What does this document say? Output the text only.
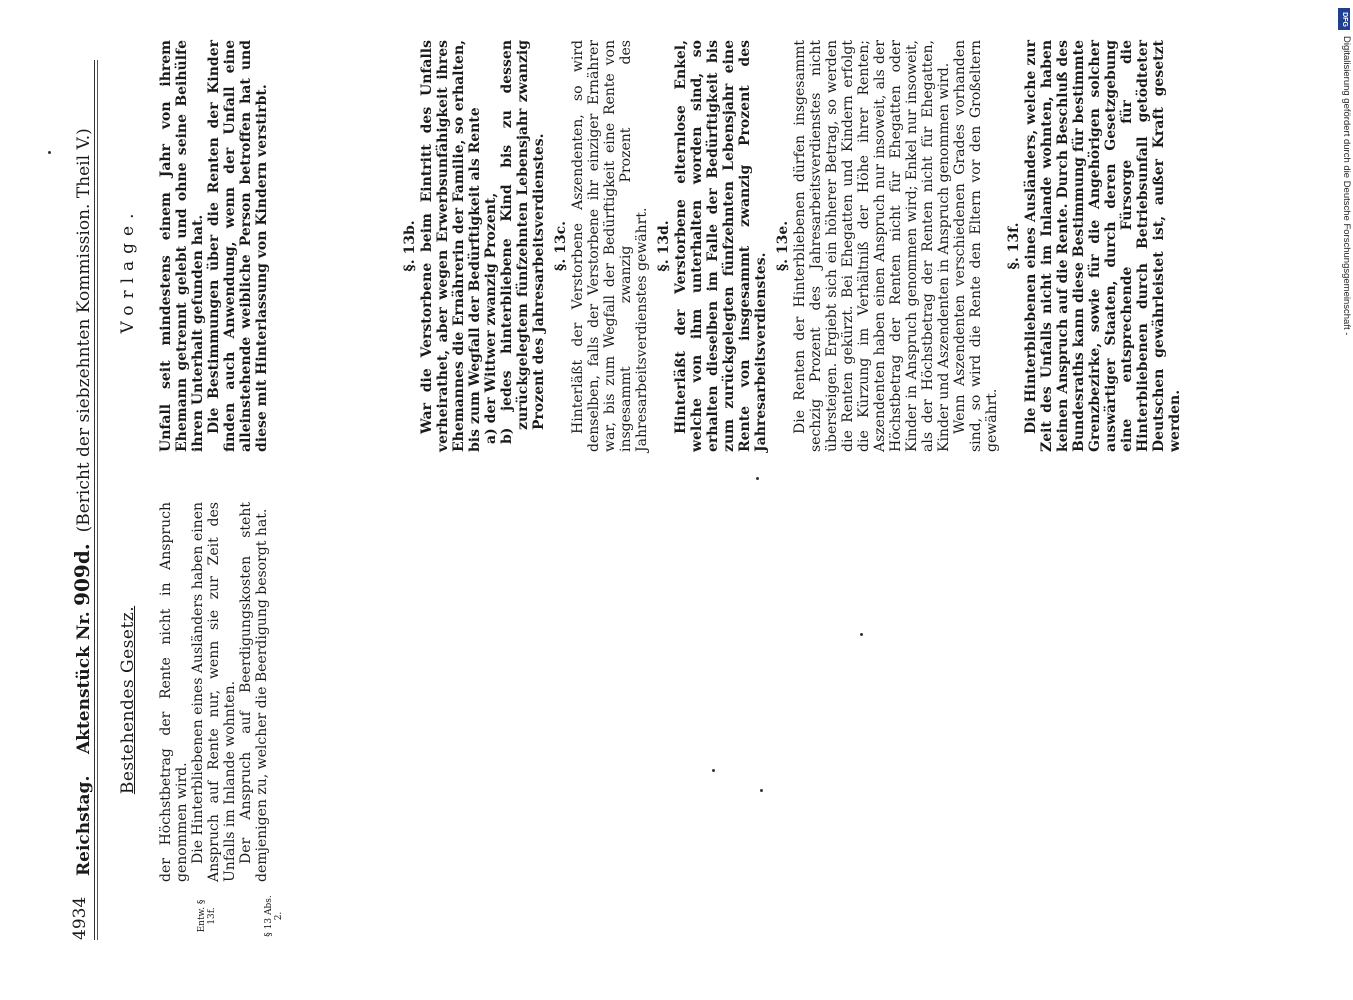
4934
Reichstag.    Aktenstück Nr. 909d.  (Bericht der siebzehnten Kommission. Theil V.)
Bestehendes Gesetz.
Vorlage.
Entw. § 13f.	§ 13 Abs. 2.

der Höchstbetrag der Rente nicht in Anspruch genommen wird. Die Hinterbliebenen eines Ausländers haben einen Anspruch auf Rente nur, wenn sie zur Zeit des Unfalls im Inlande wohnten. Der Anspruch auf Beerdigungskosten steht demjenigen zu, welcher die Beerdigung besorgt hat.

Unfall seit mindestens einem Jahr von ihrem Ehemann getrennt gelebt und ohne seine Beihülfe ihren Unterhalt gefunden hat. Die Bestimmungen über die Renten der Kinder finden auch Anwendung, wenn der Unfall eine alleinstehende weibliche Person betroffen hat und diese mit Hinterlassung von Kindern verstirbt.	§. 13b. War die Verstorbene beim Eintritt des Unfalls verheirathet, aber wegen Erwerbsunfähigkeit ihres Ehemannes die Ernährerin der Familie, so erhalten, bis zum Wegfall der Bedürftigkeit als Rente a) der Wittwer zwanzig Prozent, b) jedes hinterbliebene Kind bis zu dessen zurückgelegtem fünfzehnten Lebensjahr zwanzig Prozent des Jahresarbeitsverdienstes. §. 13c. Hinterläßt der Verstorbene Aszendenten, so wird denselben, falls der Verstorbene ihr einziger Ernährer war, bis zum Wegfall der Bedürftigkeit eine Rente von insgesammt zwanzig Prozent des Jahresarbeitsverdienstes gewährt. §. 13d. Hinterläßt der Verstorbene elternlose Enkel, welche von ihm unterhalten worden sind, so erhalten dieselben im Falle der Bedürftigkeit bis zum zurückgelegten fünfzehnten Lebensjahr eine Rente von insgesammt zwanzig Prozent des Jahresarbeitsverdienstes.

§. 13e. Die Renten der Hinterbliebenen dürfen insgesammt sechzig Prozent des Jahresarbeitsverdienstes nicht übersteigen. Ergiebt sich ein höherer Betrag, so werden die Renten gekürzt. Bei Ehegatten und Kindern erfolgt die Kürzung im Verhältniß der Höhe ihrer Renten; Aszendenten haben einen Anspruch nur insoweit, als der Höchstbetrag der Renten nicht für Ehegatten oder Kinder in Anspruch genommen wird; Enkel nur insoweit, als der Höchstbetrag der Renten nicht für Ehegatten, Kinder und Aszendenten in Anspruch genommen wird. Wenn Aszendenten verschiedenen Grades vorhanden sind, so wird die Rente den Eltern vor den Großeltern gewährt.

§. 13f. Die Hinterbliebenen eines Ausländers, welche zur Zeit des Unfalls nicht im Inlande wohnten, haben keinen Anspruch auf die Rente. Durch Beschluß des Bundesraths kann diese Bestimmung für bestimmte Grenzbezirke, sowie für die Angehörigen solcher auswärtiger Staaten, durch deren Gesetzgebung eine entsprechende Fürsorge für die Hinterbliebenen durch Betriebsunfall getödteter Deutschen gewährleistet ist, außer Kraft gesetzt werden.

DFG
Digitalisierung gefördert durch die Deutsche Forschungsgemeinschaft -
